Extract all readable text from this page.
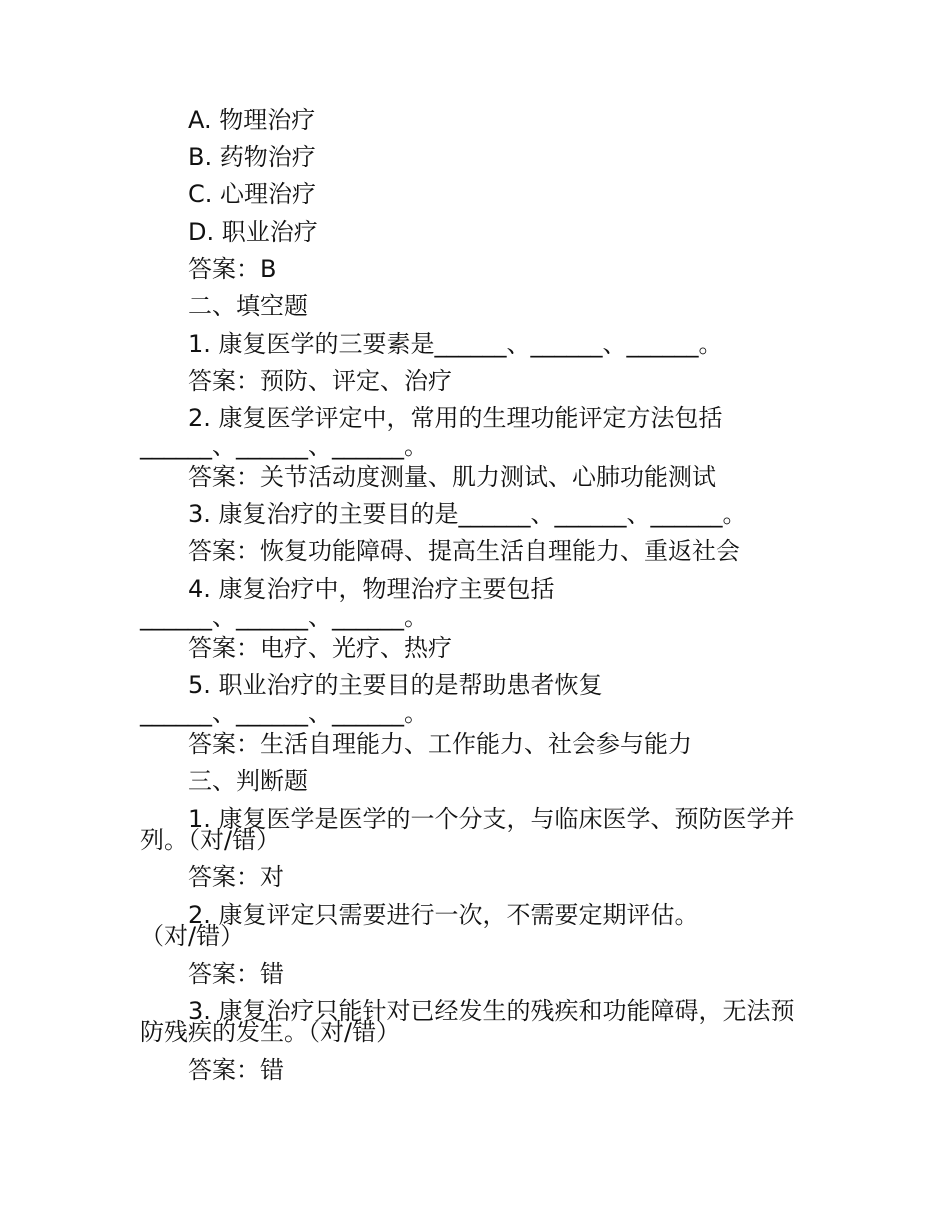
A. 物理治疗
B. 药物治疗
C. 心理治疗
D. 职业治疗
答案：B
二、填空题
1. 康复医学的三要素是______、______、______。
答案：预防、评定、治疗
2. 康复医学评定中，常用的生理功能评定方法包括
______、______、______。
答案：关节活动度测量、肌力测试、心肺功能测试
3. 康复治疗的主要目的是______、______、______。
答案：恢复功能障碍、提高生活自理能力、重返社会
4. 康复治疗中，物理治疗主要包括
______、______、______。
答案：电疗、光疗、热疗
5. 职业治疗的主要目的是帮助患者恢复
______、______、______。
答案：生活自理能力、工作能力、社会参与能力
三、判断题
1. 康复医学是医学的一个分支，与临床医学、预防医学并
列。（对/错）
答案：对
2. 康复评定只需要进行一次，不需要定期评估。
（对/错）
答案：错
3. 康复治疗只能针对已经发生的残疾和功能障碍，无法预
防残疾的发生。（对/错）
答案：错
